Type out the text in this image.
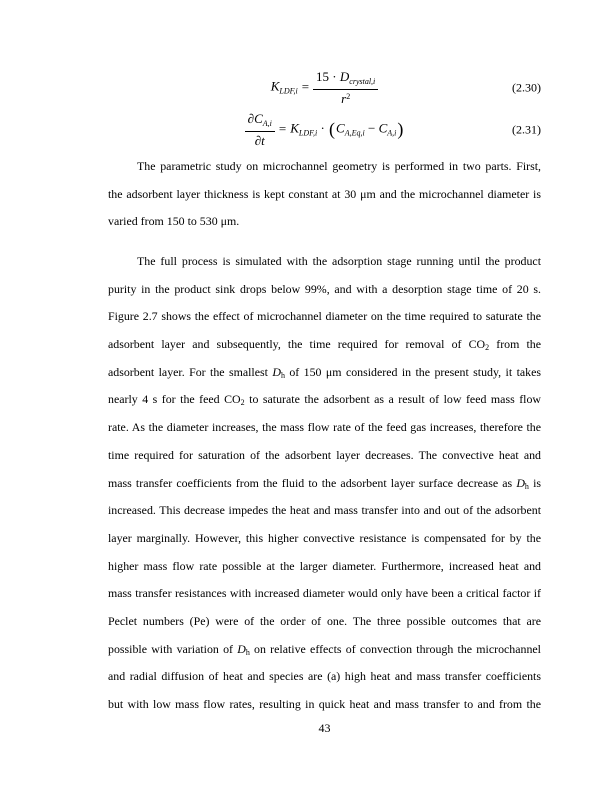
$K_{LDF,i} = \frac{15 \cdot D_{crystal,i}}{r^2}$	(2.30)
$\frac{\partial C_{A,i}}{\partial t} = K_{LDF,i} \cdot (C_{A,Eq,i} - C_{A,i})$	(2.31)
The parametric study on microchannel geometry is performed in two parts. First,
the adsorbent layer thickness is kept constant at 30 μm and the microchannel diameter is
varied from 150 to 530 μm.
The full process is simulated with the adsorption stage running until the product
purity in the product sink drops below 99%, and with a desorption stage time of 20 s.
Figure 2.7 shows the effect of microchannel diameter on the time required to saturate the
adsorbent layer and subsequently, the time required for removal of $CO_2$ from the
adsorbent layer. For the smallest $D_h$ of 150 μm considered in the present study, it takes
nearly 4 s for the feed $CO_2$ to saturate the adsorbent as a result of low feed mass flow
rate. As the diameter increases, the mass flow rate of the feed gas increases, therefore the
time required for saturation of the adsorbent layer decreases. The convective heat and
mass transfer coefficients from the fluid to the adsorbent layer surface decrease as $D_h$ is
increased. This decrease impedes the heat and mass transfer into and out of the adsorbent
layer marginally. However, this higher convective resistance is compensated for by the
higher mass flow rate possible at the larger diameter. Furthermore, increased heat and
mass transfer resistances with increased diameter would only have been a critical factor if
Peclet numbers (Pe) were of the order of one. The three possible outcomes that are
possible with variation of $D_h$ on relative effects of convection through the microchannel
and radial diffusion of heat and species are (a) high heat and mass transfer coefficients
but with low mass flow rates, resulting in quick heat and mass transfer to and from the
43
